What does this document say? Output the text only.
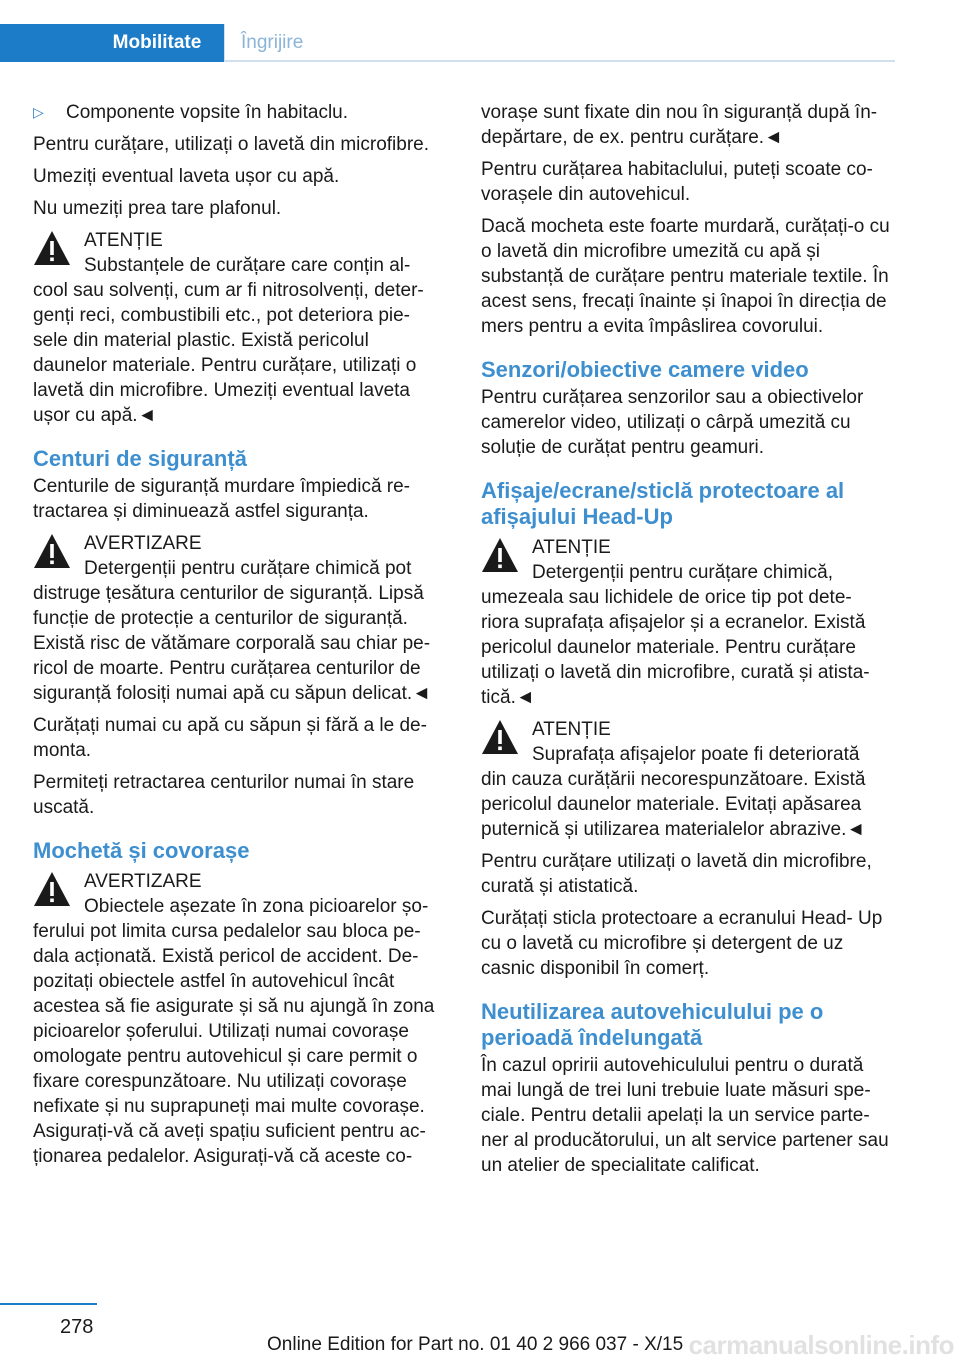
Mobilitate Îngrijire

▷	Componente vopsite în habitaclu.

Pentru curățare, utilizați o lavetă din microfibre.

Umeziți eventual laveta ușor cu apă.

Nu umeziți prea tare plafonul.

ATENȚIE
Substanțele de curățare care conțin al-
cool sau solvenți, cum ar fi nitrosolvenți, deter- genți reci, combustibili etc., pot deteriora pie- sele din material plastic. Există pericolul daunelor materiale. Pentru curățare, utilizați o lavetă din microfibre. Umeziți eventual laveta ușor cu apă.◄
Centuri de siguranță

Centurile de siguranță murdare împiedică re- tractarea și diminuează astfel siguranța.

AVERTIZARE
Detergenții pentru curățare chimică pot
distruge țesătura centurilor de siguranță. Lipsă funcție de protecție a centurilor de siguranță. Există risc de vătămare corporală sau chiar pe- ricol de moarte. Pentru curățarea centurilor de siguranță folosiți numai apă cu săpun delicat.◄

Curățați numai cu apă cu săpun și fără a le de- monta.

Permiteți retractarea centurilor numai în stare uscată.

Mochetă și covorașe
AVERTIZARE
Obiectele așezate în zona picioarelor șo-
ferului pot limita cursa pedalelor sau bloca pe- dala acționată. Există pericol de accident. De- pozitați obiectele astfel în autovehicul încât acestea să fie asigurate și să nu ajungă în zona picioarelor șoferului. Utilizați numai covorașe omologate pentru autovehicul și care permit o fixare corespunzătoare. Nu utilizați covorașe nefixate și nu suprapuneți mai multe covorașe. Asigurați-vă că aveți spațiu suficient pentru ac- ționarea pedalelor. Asigurați-vă că aceste co-

vorașe sunt fixate din nou în siguranță după în- depărtare, de ex. pentru curățare.◄

Pentru curățarea habitaclului, puteți scoate co- vorașele din autovehicul.

Dacă mocheta este foarte murdară, curățați-o cu o lavetă din microfibre umezită cu apă și substanță de curățare pentru materiale textile. În acest sens, frecați înainte și înapoi în direcția de mers pentru a evita împâslirea covorului.

Senzori/obiective camere video

Pentru curățarea senzorilor sau a obiectivelor camerelor video, utilizați o cârpă umezită cu soluție de curățat pentru geamuri.

Afișaje/ecrane/sticlă protectoare al afișajului Head-Up
ATENȚIE
Detergenții pentru curățare chimică,
umezeala sau lichidele de orice tip pot dete- riora suprafața afișajelor și a ecranelor. Există pericolul daunelor materiale. Pentru curățare utilizați o lavetă din microfibre, curată și atista- tică.◄
ATENȚIE
Suprafața afișajelor poate fi deteriorată
din cauza curățării necorespunzătoare. Există pericolul daunelor materiale. Evitați apăsarea puternică și utilizarea materialelor abrazive.◄

Pentru curățare utilizați o lavetă din microfibre, curată și atistatică.

Curățați sticla protectoare a ecranului Head- Up cu o lavetă cu microfibre și detergent de uz casnic disponibil în comerț.

Neutilizarea autovehiculului pe o perioadă îndelungată

În cazul opririi autovehiculului pentru o durată mai lungă de trei luni trebuie luate măsuri spe- ciale. Pentru detalii apelați la un service parte- ner al producătorului, un alt service partener sau un atelier de specialitate calificat.

278
Online Edition for Part no. 01 40 2 966 037 - X/15 carmanualsonline.info
